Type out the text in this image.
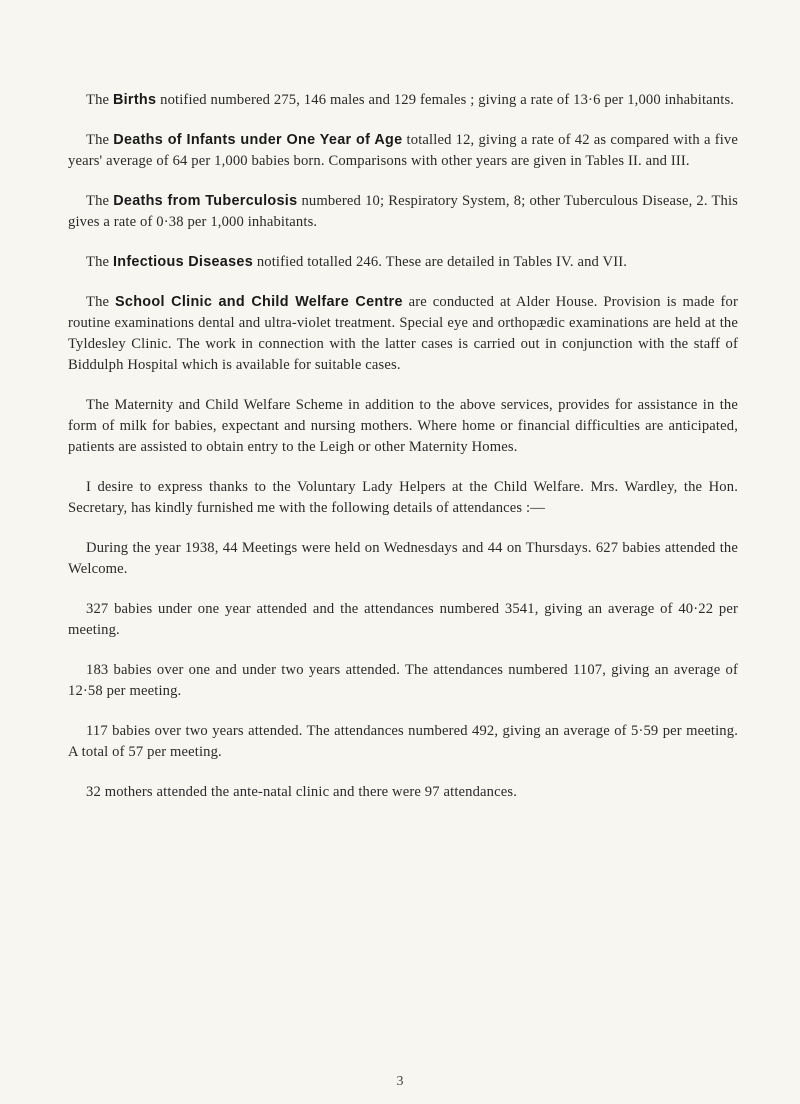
The Births notified numbered 275, 146 males and 129 females ; giving a rate of 13·6 per 1,000 inhabitants.

The Deaths of Infants under One Year of Age totalled 12, giving a rate of 42 as compared with a five years' average of 64 per 1,000 babies born. Comparisons with other years are given in Tables II. and III.

The Deaths from Tuberculosis numbered 10; Respiratory System, 8; other Tuberculous Disease, 2. This gives a rate of 0·38 per 1,000 inhabitants.

The Infectious Diseases notified totalled 246. These are detailed in Tables IV. and VII.

The School Clinic and Child Welfare Centre are conducted at Alder House. Provision is made for routine examinations dental and ultra-violet treatment. Special eye and orthopædic examinations are held at the Tyldesley Clinic. The work in connection with the latter cases is carried out in conjunction with the staff of Biddulph Hospital which is available for suitable cases.

The Maternity and Child Welfare Scheme in addition to the above services, provides for assistance in the form of milk for babies, expectant and nursing mothers. Where home or financial difficulties are anticipated, patients are assisted to obtain entry to the Leigh or other Maternity Homes.

I desire to express thanks to the Voluntary Lady Helpers at the Child Welfare. Mrs. Wardley, the Hon. Secretary, has kindly furnished me with the following details of attendances :—

During the year 1938, 44 Meetings were held on Wednesdays and 44 on Thursdays. 627 babies attended the Welcome.

327 babies under one year attended and the attendances numbered 3541, giving an average of 40·22 per meeting.

183 babies over one and under two years attended. The attendances numbered 1107, giving an average of 12·58 per meeting.

117 babies over two years attended. The attendances numbered 492, giving an average of 5·59 per meeting. A total of 57 per meeting.

32 mothers attended the ante-natal clinic and there were 97 attendances.

3
